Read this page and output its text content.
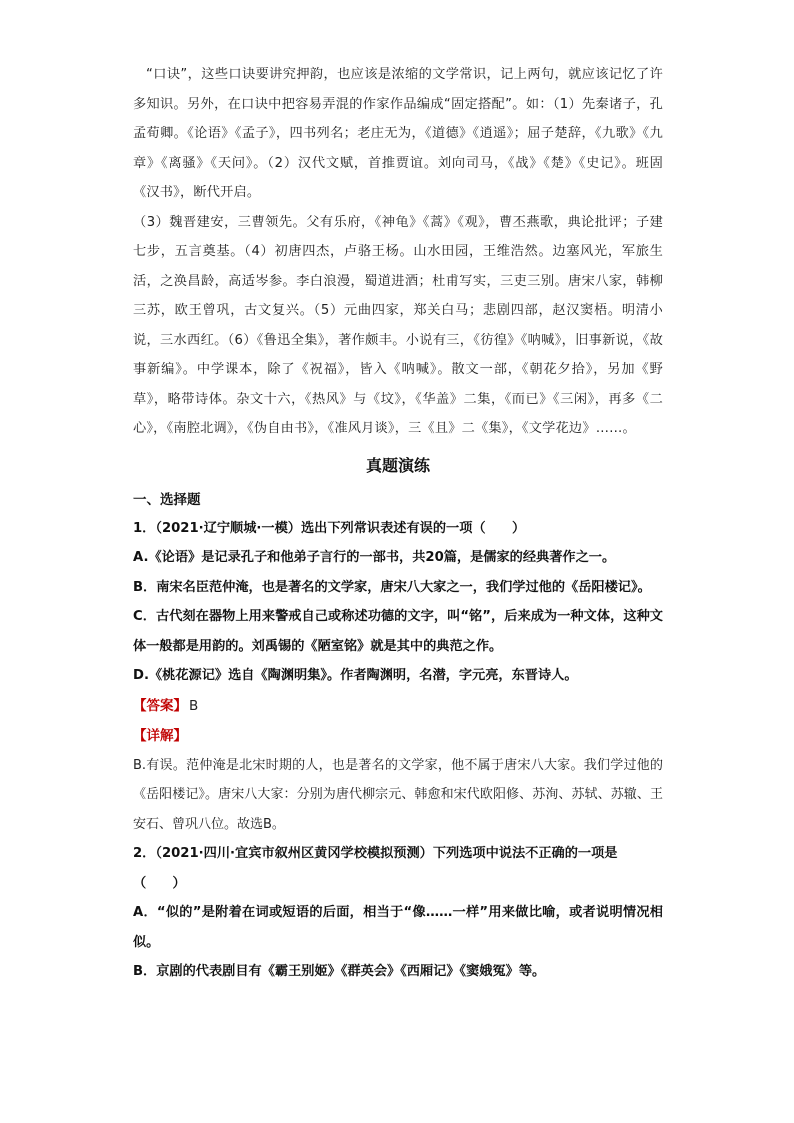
“口诀”，这些口诀要讲究押韵，也应该是浓缩的文学常识，记上两句，就应该记忆了许多知识。另外，在口诀中把容易弄混的作家作品编成“固定搭配”。如：（1）先秦诸子，孔孟荀卿。《论语》《孟子》，四书列名；老庄无为，《道德》《逍遥》；屈子楚辞，《九歌》《九章》《离骚》《天问》。（2）汉代文赋，首推贾谊。刘向司马，《战》《楚》《史记》。班固《汉书》，断代开启。

（3）魏晋建安，三曹领先。父有乐府，《神龟》《蒿》《观》，曹丕燕歌，典论批评；子建七步，五言奠基。（4）初唐四杰，卢骆王杨。山水田园，王维浩然。边塞风光，军旅生活，之涣昌龄，高适岑参。李白浪漫，蜀道进酒；杜甫写实，三吏三别。唐宋八家，韩柳三苏，欧王曾巩，古文复兴。（5）元曲四家，郑关白马；悲剧四部，赵汉窦梧。明清小说，三水西红。（6）《鲁迅全集》，著作颇丰。小说有三，《彷徨》《呐喊》，旧事新说，《故事新编》。中学课本，除了《祝福》，皆入《呐喊》。散文一部，《朝花夕拾》，另加《野草》，略带诗体。杂文十六，《热风》与《坟》，《华盖》二集，《而已》《三闲》，再多《二心》，《南腔北调》，《伪自由书》，《准风月谈》，三《且》二《集》，《文学花边》……。

真题演练

一、选择题

1．（2021·辽宁顺城·一模）选出下列常识表述有误的一项（　　）

A.《论语》是记录孔子和他弟子言行的一部书，共20篇，是儒家的经典著作之一。

B．南宋名臣范仲淹，也是著名的文学家，唐宋八大家之一，我们学过他的《岳阳楼记》。

C．古代刻在器物上用来警戒自己或称述功德的文字，叫“铭”，后来成为一种文体，这种文体一般都是用韵的。刘禹锡的《陋室铭》就是其中的典范之作。

D.《桃花源记》选自《陶渊明集》。作者陶渊明，名潜，字元亮，东晋诗人。

【答案】 B

【详解】

B.有误。范仲淹是北宋时期的人，也是著名的文学家，他不属于唐宋八大家。我们学过他的《岳阳楼记》。唐宋八大家：分别为唐代柳宗元、韩愈和宋代欧阳修、苏洵、苏轼、苏辙、王安石、曾巩八位。故选B。

2．（2021·四川·宜宾市叙州区黄冈学校模拟预测）下列选项中说法不正确的一项是（　　）

A．“似的”是附着在词或短语的后面，相当于“像……一样”用来做比喻，或者说明情况相似。

B．京剧的代表剧目有《霸王别姬》《群英会》《西厢记》《窦娥冤》等。
